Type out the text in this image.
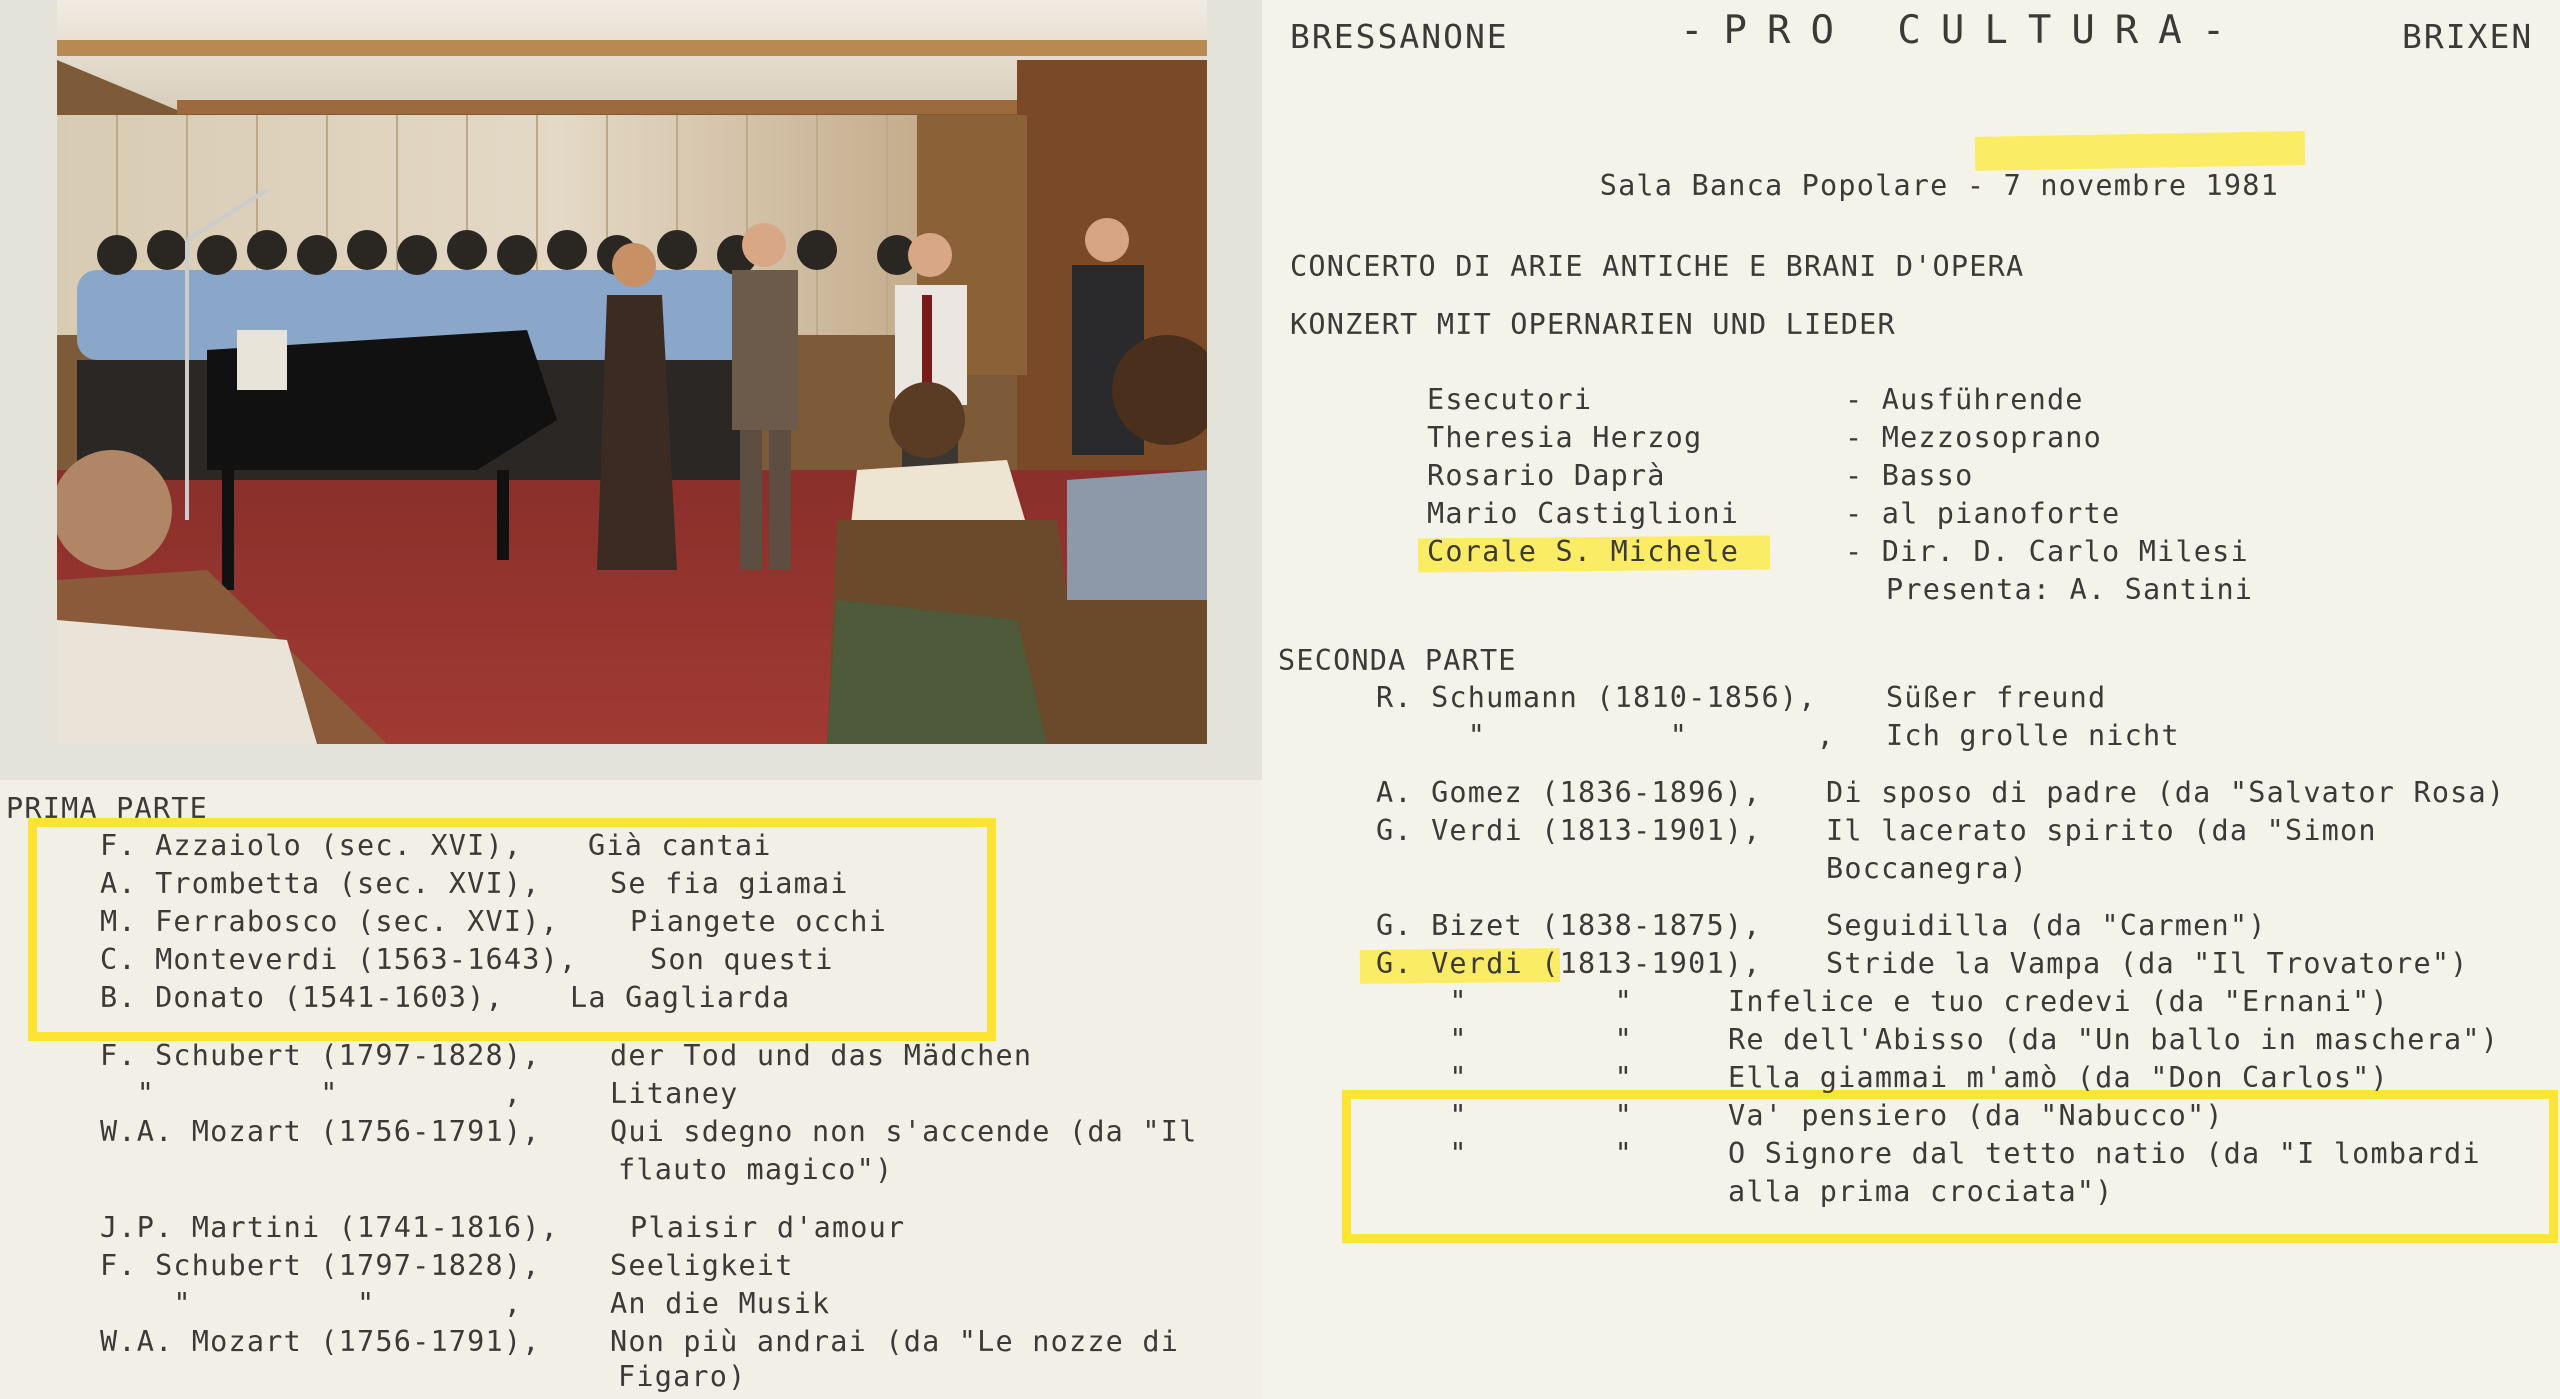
BRESSANONE	-PRO CULTURA-	BRIXEN

Sala Banca Popolare - 7 novembre 1981

CONCERTO DI ARIE ANTICHE E BRANI D'OPERA
KONZERT MIT OPERNARIEN UND LIEDER
Esecutori	- Ausführende
Theresia Herzog	- Mezzosoprano
Rosario Daprà	- Basso
Mario Castiglioni	- al pianoforte
Corale S. Michele	- Dir. D. Carlo Milesi
Presenta: A. Santini
SECONDA PARTE
R. Schumann (1810-1856), Süßer freund
"          "       , Ich grolle nicht
A. Gomez (1836-1896), Di sposo di padre (da "Salvator Rosa)
G. Verdi (1813-1901), Il lacerato spirito (da "Simon
Boccanegra)
G. Bizet (1838-1875), Seguidilla (da "Carmen")
G. Verdi (1813-1901), Stride la Vampa (da "Il Trovatore")
"        "	Infelice e tuo credevi (da "Ernani")
"        "	Re dell'Abisso (da "Un ballo in maschera")
"        "	Ella giammai m'amò (da "Don Carlos")
"        "	Va' pensiero (da "Nabucco")
"        "	O Signore dal tetto natio (da "I lombardi
alla prima crociata")
PRIMA PARTE
F. Azzaiolo (sec. XVI), Già cantai
A. Trombetta (sec. XVI), Se fia giamai
M. Ferrabosco (sec. XVI), Piangete occhi
C. Monteverdi (1563-1643),	Son questi
B. Donato (1541-1603), La Gagliarda
F. Schubert (1797-1828), der Tod und das Mädchen
"         "         ,	Litaney
W.A. Mozart (1756-1791), Qui sdegno non s'accende (da "Il
flauto magico")
J.P. Martini (1741-1816), Plaisir d'amour
F. Schubert (1797-1828), Seeligkeit
"         "       ,	An die Musik
W.A. Mozart (1756-1791), Non più andrai (da "Le nozze di
Figaro)
